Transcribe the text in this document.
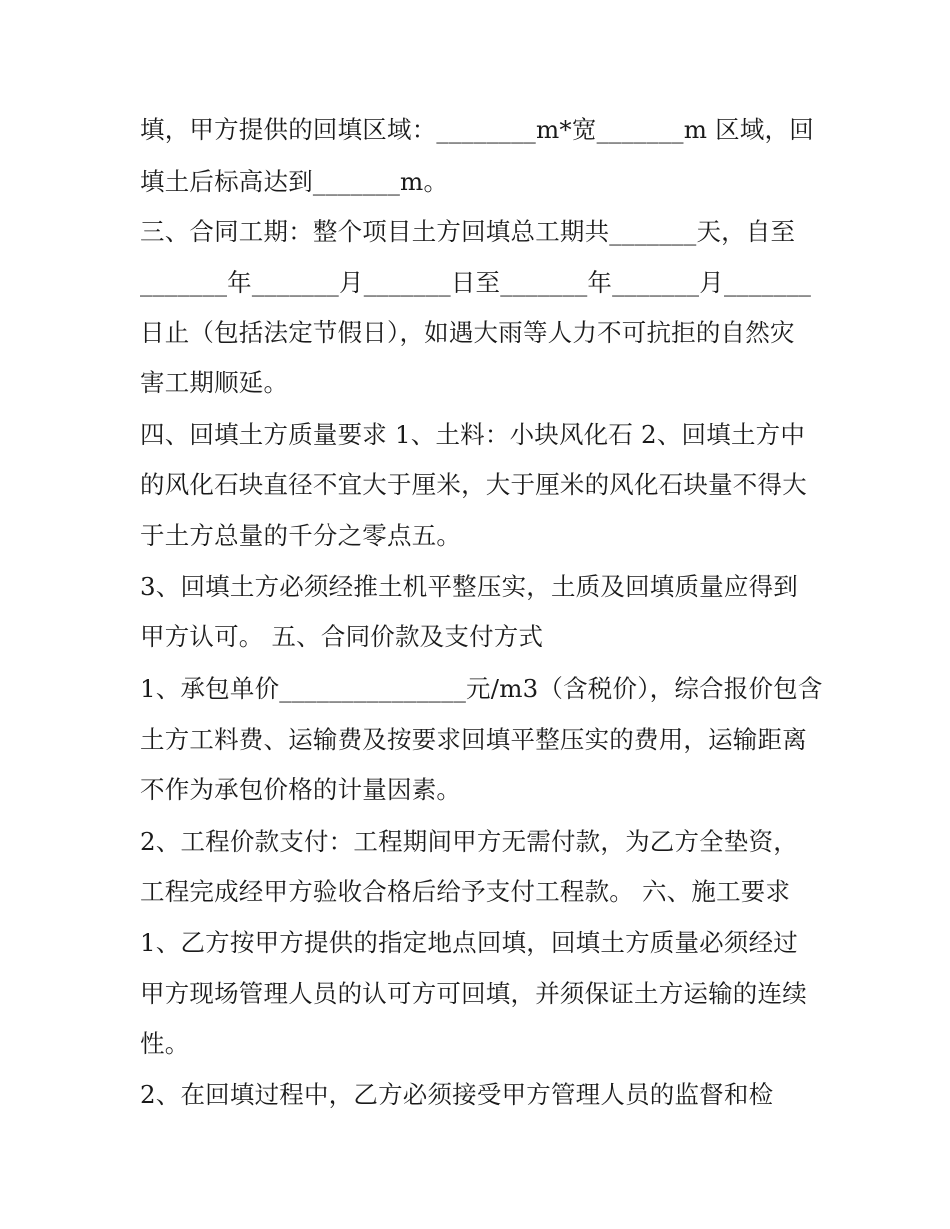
填，甲方提供的回填区域：________m*宽_______m 区域，回
填土后标高达到_______m。
三、合同工期：整个项目土方回填总工期共_______天，自至
_______年_______月_______日至_______年_______月_______
日止（包括法定节假日），如遇大雨等人力不可抗拒的自然灾
害工期顺延。
四、回填土方质量要求 1、土料：小块风化石 2、回填土方中
的风化石块直径不宜大于厘米，大于厘米的风化石块量不得大
于土方总量的千分之零点五。
3、回填土方必须经推土机平整压实，土质及回填质量应得到
甲方认可。 五、合同价款及支付方式
1、承包单价_______________元/m3（含税价），综合报价包含
土方工料费、运输费及按要求回填平整压实的费用，运输距离
不作为承包价格的计量因素。
2、工程价款支付：工程期间甲方无需付款，为乙方全垫资，
工程完成经甲方验收合格后给予支付工程款。 六、施工要求
1、乙方按甲方提供的指定地点回填，回填土方质量必须经过
甲方现场管理人员的认可方可回填，并须保证土方运输的连续
性。
2、在回填过程中，乙方必须接受甲方管理人员的监督和检
